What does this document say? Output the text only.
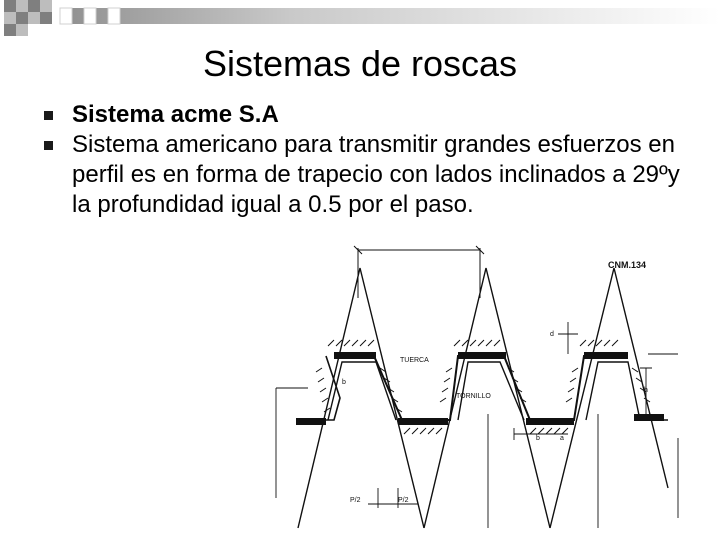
Sistemas de roscas
Sistema acme S.A
Sistema americano para transmitir grandes esfuerzos en perfil es en forma de trapecio con lados inclinados a 29ºy la profundidad igual a 0.5 por el paso.
b
P/2	P/2
b	a
d
h
CNM.134
TUERCA
TORNILLO
